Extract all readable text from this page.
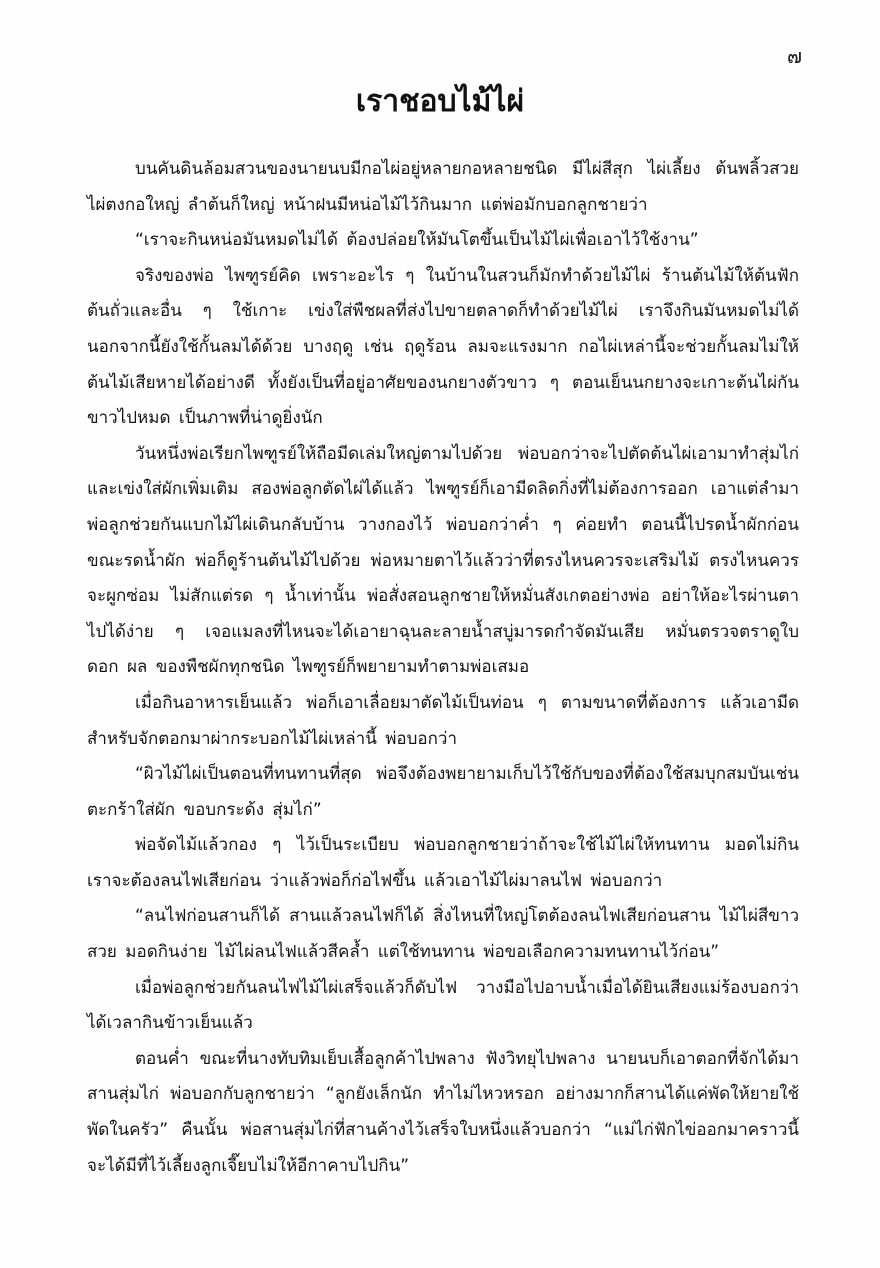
๗
เราชอบไม้ไผ่

บนคันดินล้อมสวนของนายนบมีกอไผ่อยู่หลายกอหลายชนิด มีไผ่สีสุก ไผ่เลี้ยง ต้นพลิ้วสวย ไผ่ตงกอใหญ่ ลำต้นก็ใหญ่ หน้าฝนมีหน่อไม้ไว้กินมาก แต่พ่อมักบอกลูกชายว่า

“เราจะกินหน่อมันหมดไม่ได้ ต้องปล่อยให้มันโตขึ้นเป็นไม้ไผ่เพื่อเอาไว้ใช้งาน”

จริงของพ่อ ไพฑูรย์คิด เพราะอะไร ๆ ในบ้านในสวนก็มักทำด้วยไม้ไผ่ ร้านต้นไม้ให้ต้นฟัก ต้นถั่วและอื่น ๆ ใช้เกาะ เข่งใส่พืชผลที่ส่งไปขายตลาดก็ทำด้วยไม้ไผ่ เราจึงกินมันหมดไม่ได้ นอกจากนี้ยังใช้กั้นลมได้ด้วย บางฤดู เช่น ฤดูร้อน ลมจะแรงมาก กอไผ่เหล่านี้จะช่วยกั้นลมไม่ให้ต้นไม้เสียหายได้อย่างดี ทั้งยังเป็นที่อยู่อาศัยของนกยางตัวขาว ๆ ตอนเย็นนกยางจะเกาะต้นไผ่กันขาวไปหมด เป็นภาพที่น่าดูยิ่งนัก

วันหนึ่งพ่อเรียกไพฑูรย์ให้ถือมีดเล่มใหญ่ตามไปด้วย พ่อบอกว่าจะไปตัดต้นไผ่เอามาทำสุ่มไก่และเข่งใส่ผักเพิ่มเติม สองพ่อลูกตัดไผ่ได้แล้ว ไพฑูรย์ก็เอามีดลิดกิ่งที่ไม่ต้องการออก เอาแต่ลำมา พ่อลูกช่วยกันแบกไม้ไผ่เดินกลับบ้าน วางกองไว้ พ่อบอกว่าค่ำ ๆ ค่อยทำ ตอนนี้ไปรดน้ำผักก่อน ขณะรดน้ำผัก พ่อก็ดูร้านต้นไม้ไปด้วย พ่อหมายตาไว้แล้วว่าที่ตรงไหนควรจะเสริมไม้ ตรงไหนควรจะผูกซ่อม ไม่สักแต่รด ๆ น้ำเท่านั้น พ่อสั่งสอนลูกชายให้หมั่นสังเกตอย่างพ่อ อย่าให้อะไรผ่านตาไปได้ง่าย ๆ เจอแมลงที่ไหนจะได้เอายาฉุนละลายน้ำสบู่มารดกำจัดมันเสีย หมั่นตรวจตราดูใบ ดอก ผล ของพืชผักทุกชนิด ไพฑูรย์ก็พยายามทำตามพ่อเสมอ

เมื่อกินอาหารเย็นแล้ว พ่อก็เอาเลื่อยมาตัดไม้เป็นท่อน ๆ ตามขนาดที่ต้องการ แล้วเอามีดสำหรับจักตอกมาผ่ากระบอกไม้ไผ่เหล่านี้ พ่อบอกว่า

“ผิวไม้ไผ่เป็นตอนที่ทนทานที่สุด พ่อจึงต้องพยายามเก็บไว้ใช้กับของที่ต้องใช้สมบุกสมบันเช่น ตะกร้าใส่ผัก ขอบกระด้ง สุ่มไก่”

พ่อจัดไม้แล้วกอง ๆ ไว้เป็นระเบียบ พ่อบอกลูกชายว่าถ้าจะใช้ไม้ไผ่ให้ทนทาน มอดไม่กิน เราจะต้องลนไฟเสียก่อน ว่าแล้วพ่อก็ก่อไฟขึ้น แล้วเอาไม้ไผ่มาลนไฟ พ่อบอกว่า

“ลนไฟก่อนสานก็ได้ สานแล้วลนไฟก็ได้ สิ่งไหนที่ใหญ่โตต้องลนไฟเสียก่อนสาน ไม้ไผ่สีขาวสวย มอดกินง่าย ไม้ไผ่ลนไฟแล้วสีคล้ำ แต่ใช้ทนทาน พ่อขอเลือกความทนทานไว้ก่อน”

เมื่อพ่อลูกช่วยกันลนไฟไม้ไผ่เสร็จแล้วก็ดับไฟ วางมือไปอาบน้ำเมื่อได้ยินเสียงแม่ร้องบอกว่าได้เวลากินข้าวเย็นแล้ว

ตอนค่ำ ขณะที่นางทับทิมเย็บเสื้อลูกค้าไปพลาง ฟังวิทยุไปพลาง นายนบก็เอาตอกที่จักได้มาสานสุ่มไก่ พ่อบอกกับลูกชายว่า “ลูกยังเล็กนัก ทำไม่ไหวหรอก อย่างมากก็สานได้แค่พัดให้ยายใช้พัดในครัว” คืนนั้น พ่อสานสุ่มไก่ที่สานค้างไว้เสร็จใบหนึ่งแล้วบอกว่า “แม่ไก่ฟักไข่ออกมาคราวนี้จะได้มีที่ไว้เลี้ยงลูกเจี๊ยบไม่ให้อีกาคาบไปกิน”
